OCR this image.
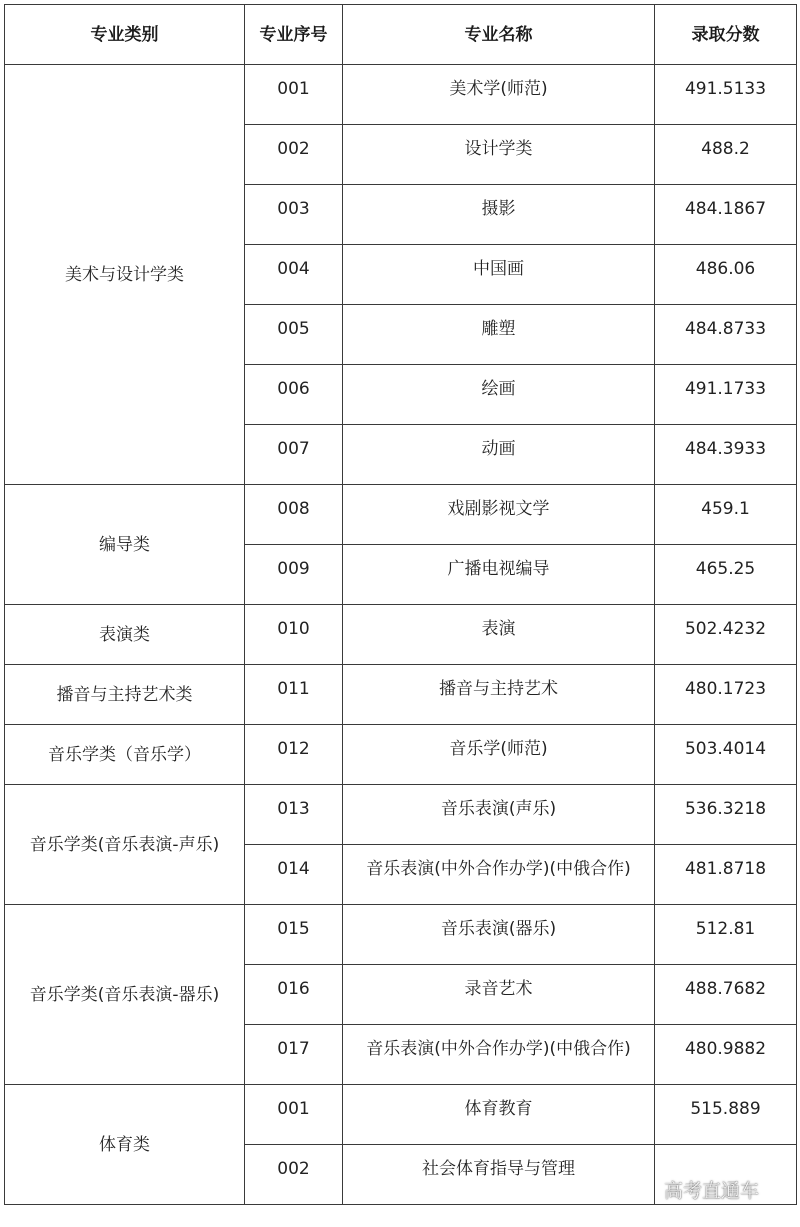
专业类别	专业序号	专业名称	录取分数
美术与设计学类	001	美术学(师范)	491.5133

	002	设计学类	488.2

	003	摄影	484.1867

	004	中国画	486.06

	005	雕塑	484.8733

	006	绘画	491.1733

	007	动画	484.3933

编导类	008	戏剧影视文学	459.1

	009	广播电视编导	465.25

表演类	010	表演	502.4232

播音与主持艺术类	011	播音与主持艺术	480.1723

音乐学类（音乐学）	012	音乐学(师范)	503.4014

音乐学类(音乐表演-声乐)	013	音乐表演(声乐)	536.3218

	014	音乐表演(中外合作办学)(中俄合作)	481.8718

音乐学类(音乐表演-器乐)	015	音乐表演(器乐)	512.81

	016	录音艺术	488.7682

	017	音乐表演(中外合作办学)(中俄合作)	480.9882

体育类	001	体育教育	515.889

	002	社会体育指导与管理	

高考直通车
